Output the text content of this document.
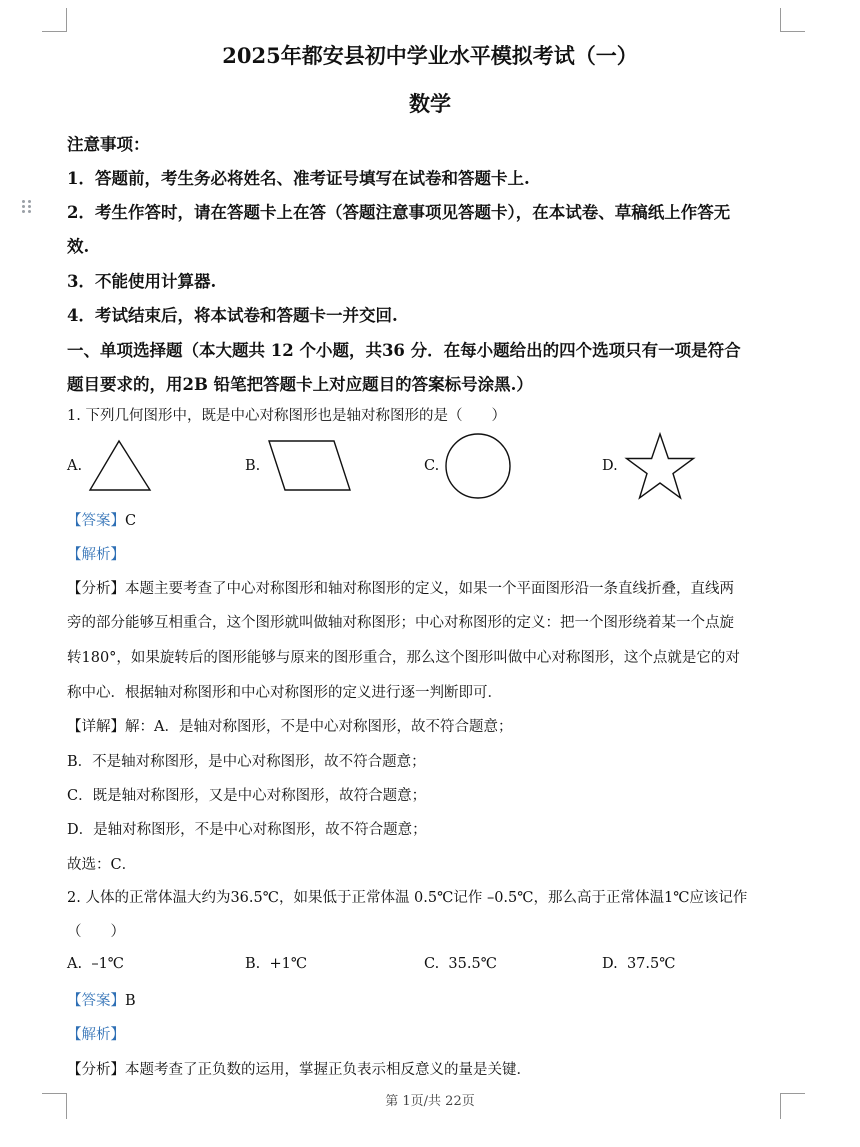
2025年都安县初中学业水平模拟考试（一）
数学
注意事项：
1．答题前，考生务必将姓名、准考证号填写在试卷和答题卡上.
2．考生作答时，请在答题卡上在答（答题注意事项见答题卡），在本试卷、草稿纸上作答无
效.
3．不能使用计算器.
4．考试结束后，将本试卷和答题卡一并交回.
一、单项选择题（本大题共 12 个小题，共36 分．在每小题给出的四个选项只有一项是符合
题目要求的，用2B 铅笔把答题卡上对应题目的答案标号涂黑.）
1. 下列几何图形中，既是中心对称图形也是轴对称图形的是（　　）
A.	B.	C.	D.
【答案】C
【解析】
【分析】本题主要考查了中心对称图形和轴对称图形的定义，如果一个平面图形沿一条直线折叠，直线两
旁的部分能够互相重合，这个图形就叫做轴对称图形；中心对称图形的定义：把一个图形绕着某一个点旋
转180°，如果旋转后的图形能够与原来的图形重合，那么这个图形叫做中心对称图形，这个点就是它的对
称中心．根据轴对称图形和中心对称图形的定义进行逐一判断即可．
【详解】解：A．是轴对称图形，不是中心对称图形，故不符合题意；
B．不是轴对称图形，是中心对称图形，故不符合题意；
C．既是轴对称图形，又是中心对称图形，故符合题意；
D．是轴对称图形，不是中心对称图形，故不符合题意；
故选：C．
2. 人体的正常体温大约为36.5℃，如果低于正常体温 0.5℃记作 –0.5℃，那么高于正常体温1℃应该记作
（　　）
A. –1℃	B. +1℃	C. 35.5℃	D. 37.5℃
【答案】B
【解析】
【分析】本题考查了正负数的运用，掌握正负表示相反意义的量是关键．
第 1页/共 22页
